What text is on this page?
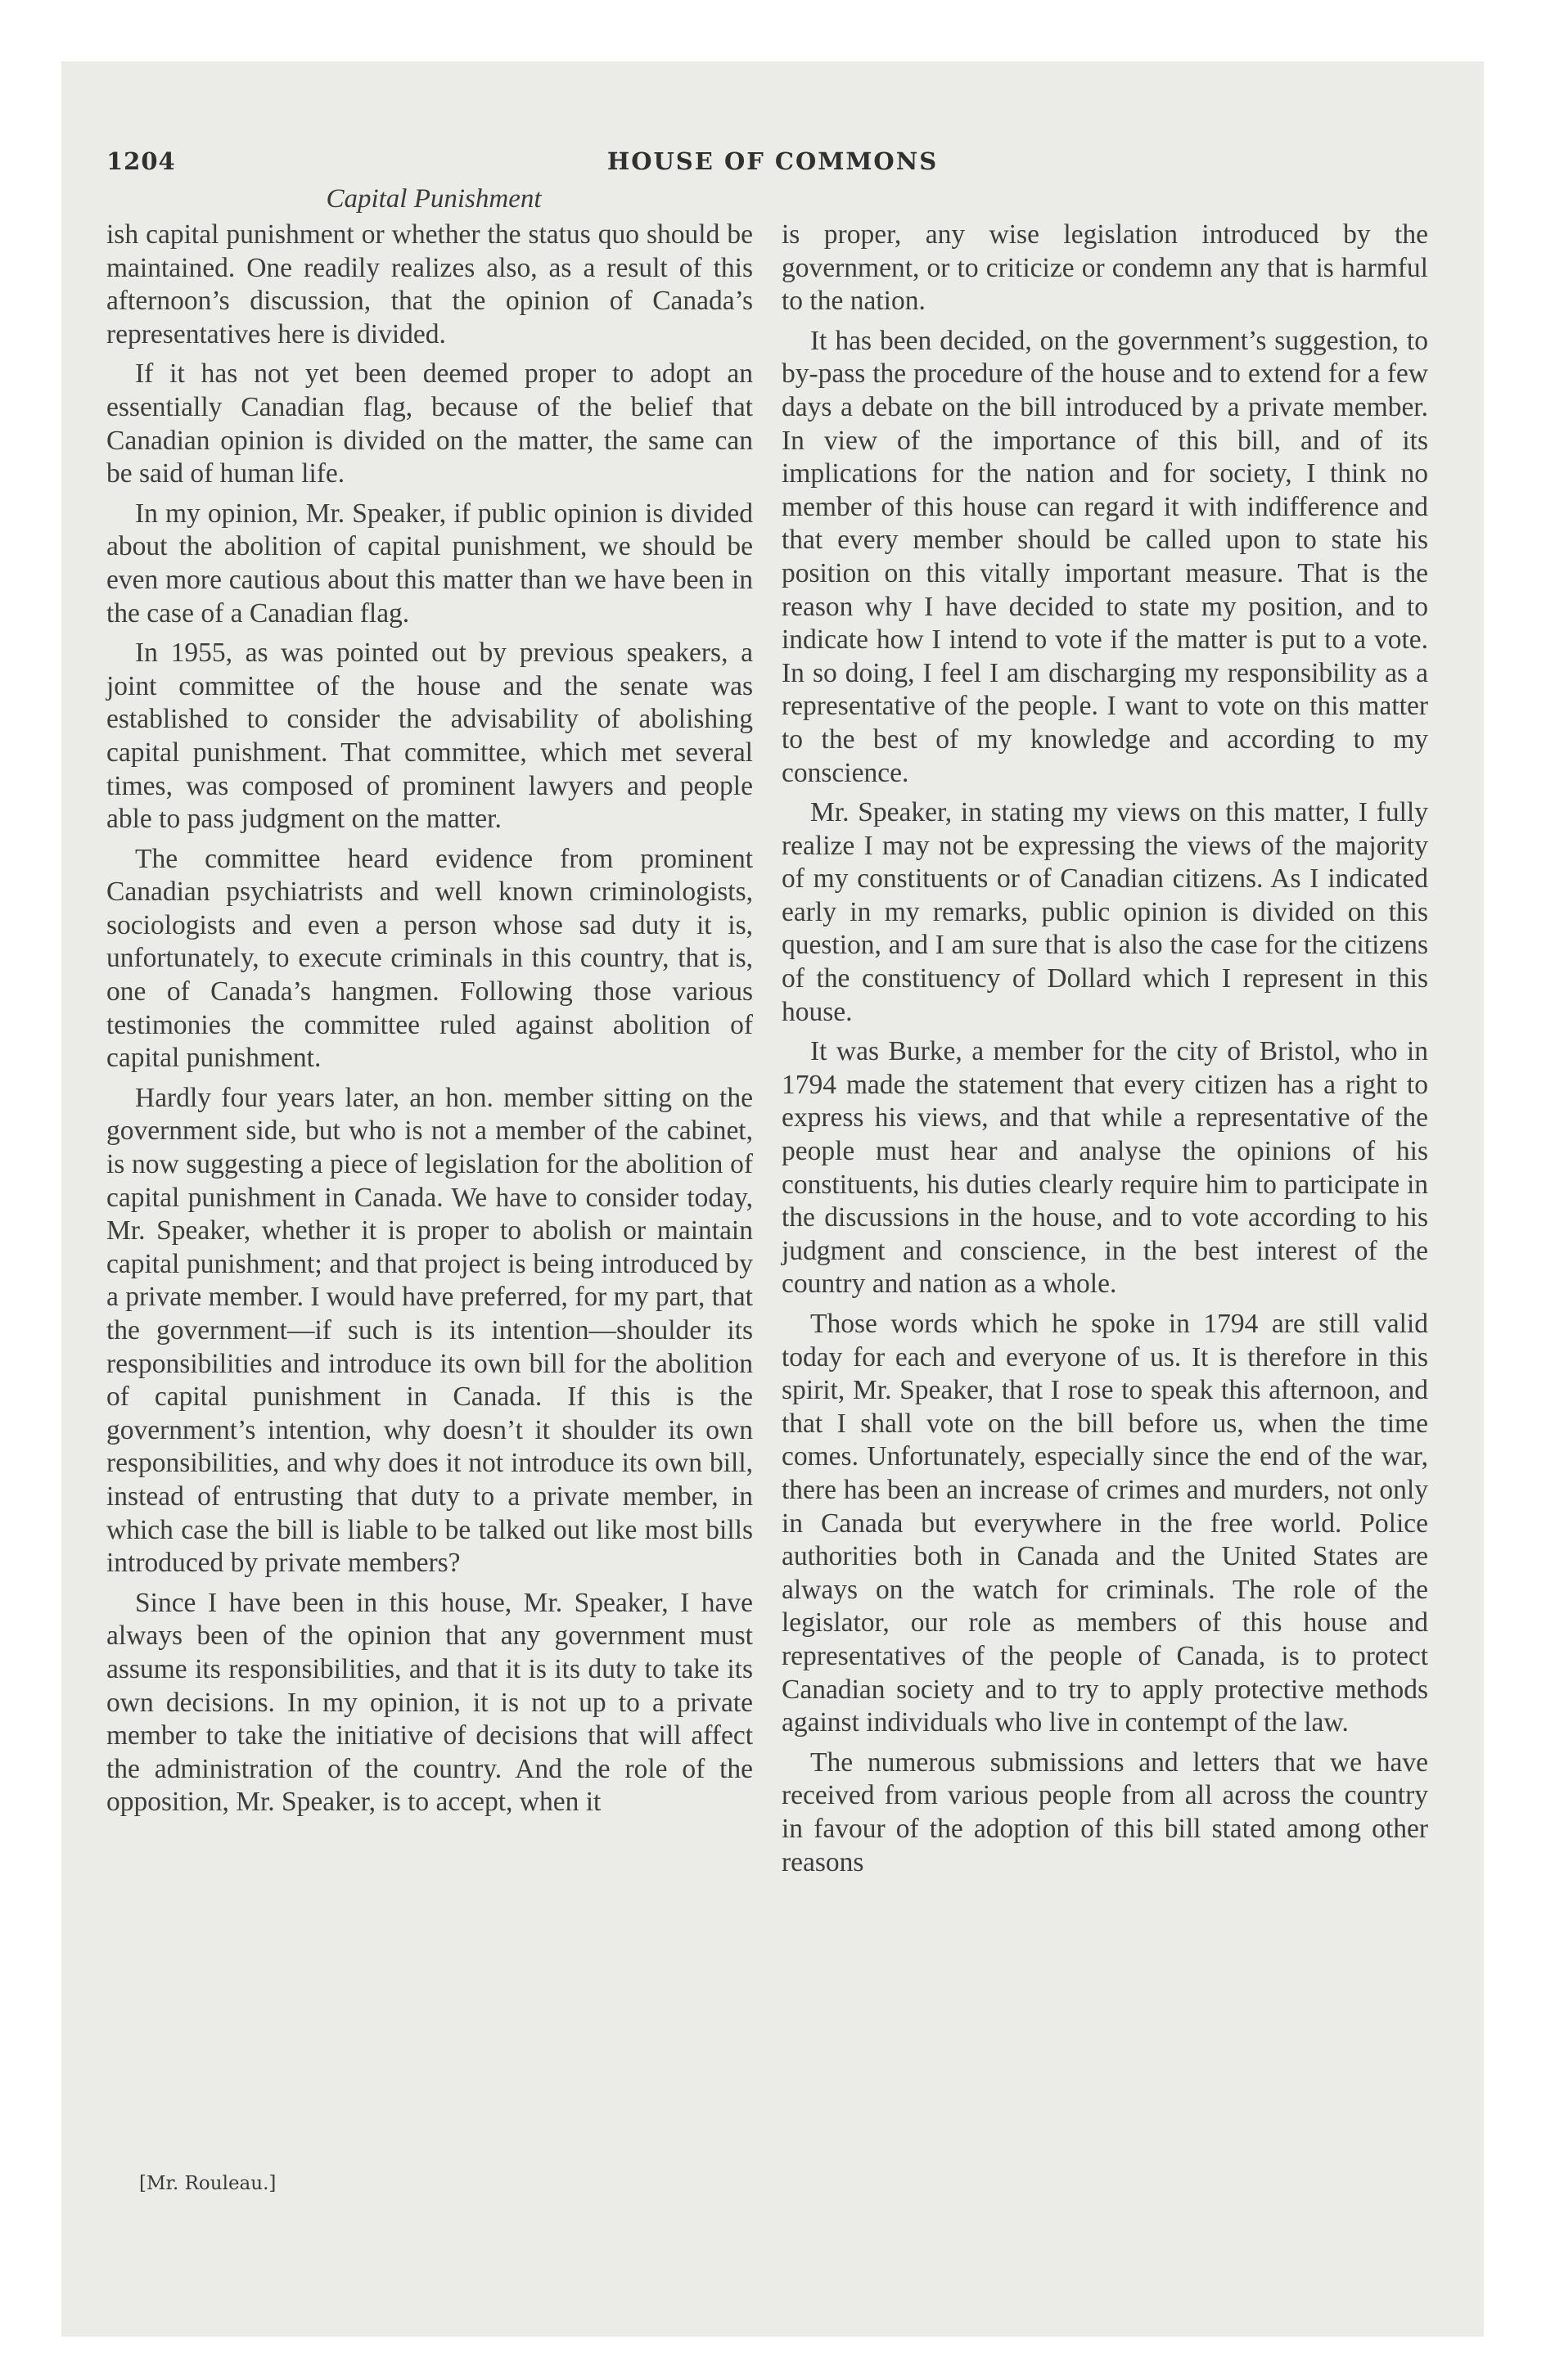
1204	HOUSE OF COMMONS
Capital Punishment

ish capital punishment or whether the status quo should be maintained. One readily realizes also, as a result of this afternoon’s discussion, that the opinion of Canada’s representatives here is divided.

If it has not yet been deemed proper to adopt an essentially Canadian flag, because of the belief that Canadian opinion is divided on the matter, the same can be said of human life.

In my opinion, Mr. Speaker, if public opinion is divided about the abolition of capital punishment, we should be even more cautious about this matter than we have been in the case of a Canadian flag.

In 1955, as was pointed out by previous speakers, a joint committee of the house and the senate was established to consider the advisability of abolishing capital punishment. That committee, which met several times, was composed of prominent lawyers and people able to pass judgment on the matter.

The committee heard evidence from prominent Canadian psychiatrists and well known criminologists, sociologists and even a person whose sad duty it is, unfortunately, to execute criminals in this country, that is, one of Canada’s hangmen. Following those various testimonies the committee ruled against abolition of capital punishment.

Hardly four years later, an hon. member sitting on the government side, but who is not a member of the cabinet, is now suggesting a piece of legislation for the abolition of capital punishment in Canada. We have to consider today, Mr. Speaker, whether it is proper to abolish or maintain capital punishment; and that project is being introduced by a private member. I would have preferred, for my part, that the government—if such is its intention—shoulder its responsibilities and introduce its own bill for the abolition of capital punishment in Canada. If this is the government’s intention, why doesn’t it shoulder its own responsibilities, and why does it not introduce its own bill, instead of entrusting that duty to a private member, in which case the bill is liable to be talked out like most bills introduced by private members?

Since I have been in this house, Mr. Speaker, I have always been of the opinion that any government must assume its responsibilities, and that it is its duty to take its own decisions. In my opinion, it is not up to a private member to take the initiative of decisions that will affect the administration of the country. And the role of the opposition, Mr. Speaker, is to accept, when it

is proper, any wise legislation introduced by the government, or to criticize or condemn any that is harmful to the nation.

It has been decided, on the government’s suggestion, to by-pass the procedure of the house and to extend for a few days a debate on the bill introduced by a private member. In view of the importance of this bill, and of its implications for the nation and for society, I think no member of this house can regard it with indifference and that every member should be called upon to state his position on this vitally important measure. That is the reason why I have decided to state my position, and to indicate how I intend to vote if the matter is put to a vote. In so doing, I feel I am discharging my responsibility as a representative of the people. I want to vote on this matter to the best of my knowledge and according to my conscience.

Mr. Speaker, in stating my views on this matter, I fully realize I may not be expressing the views of the majority of my constituents or of Canadian citizens. As I indicated early in my remarks, public opinion is divided on this question, and I am sure that is also the case for the citizens of the constituency of Dollard which I represent in this house.

It was Burke, a member for the city of Bristol, who in 1794 made the statement that every citizen has a right to express his views, and that while a representative of the people must hear and analyse the opinions of his constituents, his duties clearly require him to participate in the discussions in the house, and to vote according to his judgment and conscience, in the best interest of the country and nation as a whole.

Those words which he spoke in 1794 are still valid today for each and everyone of us. It is therefore in this spirit, Mr. Speaker, that I rose to speak this afternoon, and that I shall vote on the bill before us, when the time comes. Unfortunately, especially since the end of the war, there has been an increase of crimes and murders, not only in Canada but everywhere in the free world. Police authorities both in Canada and the United States are always on the watch for criminals. The role of the legislator, our role as members of this house and representatives of the people of Canada, is to protect Canadian society and to try to apply protective methods against individuals who live in contempt of the law.

The numerous submissions and letters that we have received from various people from all across the country in favour of the adoption of this bill stated among other reasons

[Mr. Rouleau.]
